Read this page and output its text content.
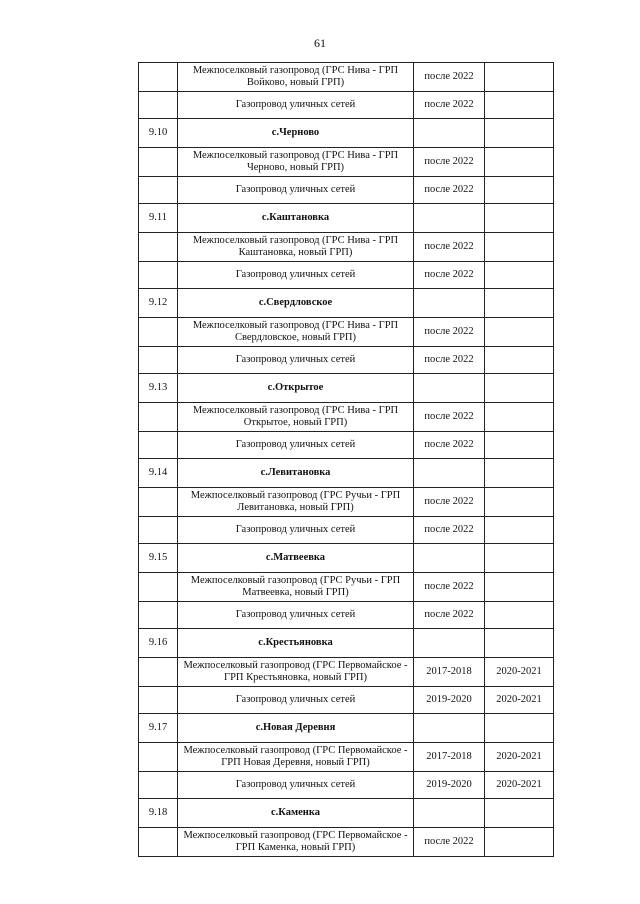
61
	Межпоселковый газопровод (ГРС Нива - ГРП Войково, новый ГРП)	после 2022	
	Газопровод уличных сетей	после 2022	
9.10	с.Черново		
	Межпоселковый газопровод (ГРС Нива - ГРП Черново, новый ГРП)	после 2022	
	Газопровод уличных сетей	после 2022	
9.11	с.Каштановка		
	Межпоселковый газопровод (ГРС Нива - ГРП Каштановка, новый ГРП)	после 2022	
	Газопровод уличных сетей	после 2022	
9.12	с.Свердловское		
	Межпоселковый газопровод (ГРС Нива - ГРП Свердловское, новый ГРП)	после 2022	
	Газопровод уличных сетей	после 2022	
9.13	с.Открытое		
	Межпоселковый газопровод (ГРС Нива - ГРП Открытое, новый ГРП)	после 2022	
	Газопровод уличных сетей	после 2022	
9.14	с.Левитановка		
	Межпоселковый газопровод (ГРС Ручьи - ГРП Левитановка, новый ГРП)	после 2022	
	Газопровод уличных сетей	после 2022	
9.15	с.Матвеевка		
	Межпоселковый газопровод (ГРС Ручьи - ГРП Матвеевка, новый ГРП)	после 2022	
	Газопровод уличных сетей	после 2022	
9.16	с.Крестьяновка		
	Межпоселковый газопровод (ГРС Первомайское - ГРП Крестьяновка, новый ГРП)	2017-2018	2020-2021
	Газопровод уличных сетей	2019-2020	2020-2021
9.17	с.Новая Деревня		
	Межпоселковый газопровод (ГРС Первомайское - ГРП Новая Деревня, новый ГРП)	2017-2018	2020-2021
	Газопровод уличных сетей	2019-2020	2020-2021
9.18	с.Каменка		
	Межпоселковый газопровод (ГРС Первомайское - ГРП Каменка, новый ГРП)	после 2022	
